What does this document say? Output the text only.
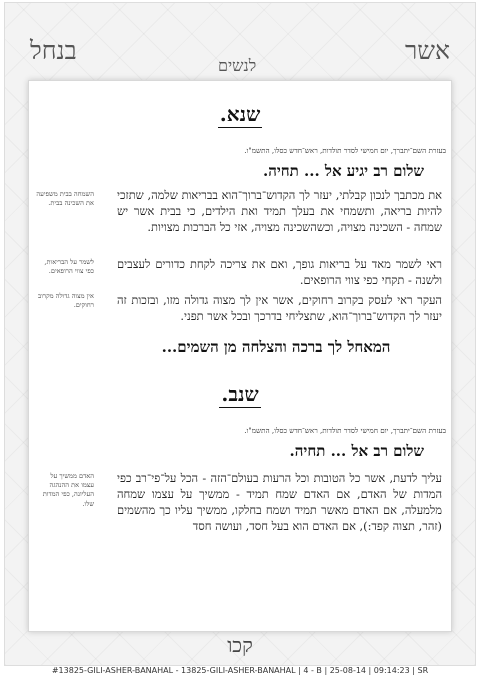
בנחל
לנשים
אשר
שנא.
בעזרת השם־יתברך, יום חמישי לסדר תולדות, ראש־חדש כסלו, התשמ"ו.
שלום רב יגיע אל ... תחיה.

את מכתבך לנכון קבלתי, יעזר לך הקדוש־ברוך־הוא בבריאות שלמה, שתזכי להיות בריאה, ותשמחי את בעלך תמיד ואת הילדים, כי בבית אשר יש שמחה - השכינה מצויה, וכשהשכינה מצויה, אזי כל הברכות מצויות.

השמחה בבית משפיעה את השכינה בבית.

ראי לשמר מאד על בריאות גופך, ואם את צריכה לקחת כדורים לעצבים ולשנה - תקחי כפי צווי הרופאים.

לשמר על הבריאות, כפי צווי הרופאים.

העקר ראי לעסק בקרוב רחוקים, אשר אין לך מצוה גדולה מזו, ובזכות זה יעזר לך הקדוש־ברוך־הוא, שתצליחי בדרכך ובכל אשר תפני.

אין מצוה גדולה מקרוב רחוקים.
המאחל לך ברכה והצלחה מן השמים...
שנב.
בעזרת השם־יתברך, יום חמישי לסדר תולדות, ראש־חדש כסלו, התשמ"ו.
שלום רב אל ... תחיה.

עליך לדעת, אשר כל הטובות וכל הרעות בעולם־הזה - הכל על־פי־רב כפי המדות של האדם, אם האדם שמח תמיד - ממשיך על עצמו שמחה מלמעלה, אם האדם מאשר תמיד ושמח בחלקו, ממשיך עליו כך מהשמים (זהר, תצוה קפד:), אם האדם הוא בעל חסד, ועושה חסד

האדם ממשיך על עצמו את ההנהגה העליונה, כפי המדות שלו.
קכו
#13825-GILI-ASHER-BANAHAL - 13825-GILI-ASHER-BANAHAL | 4 - B | 25-08-14 | 09:14:23 | SR
